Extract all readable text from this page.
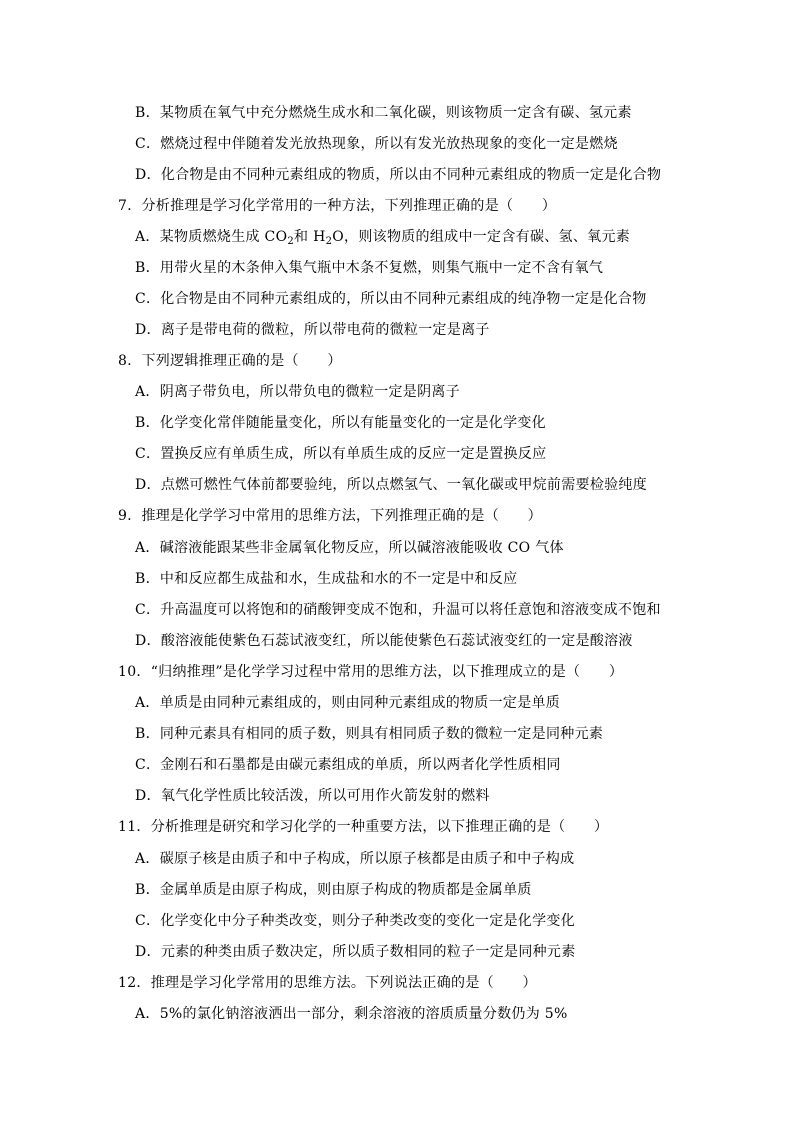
B．某物质在氧气中充分燃烧生成水和二氧化碳，则该物质一定含有碳、氢元素
C．燃烧过程中伴随着发光放热现象，所以有发光放热现象的变化一定是燃烧
D．化合物是由不同种元素组成的物质，所以由不同种元素组成的物质一定是化合物
7．分析推理是学习化学常用的一种方法，下列推理正确的是（　　）
A．某物质燃烧生成 $CO_2$和 $H_2O$，则该物质的组成中一定含有碳、氢、氧元素
B．用带火星的木条伸入集气瓶中木条不复燃，则集气瓶中一定不含有氧气
C．化合物是由不同种元素组成的，所以由不同种元素组成的纯净物一定是化合物
D．离子是带电荷的微粒，所以带电荷的微粒一定是离子
8．下列逻辑推理正确的是（　　）
A．阴离子带负电，所以带负电的微粒一定是阴离子
B．化学变化常伴随能量变化，所以有能量变化的一定是化学变化
C．置换反应有单质生成，所以有单质生成的反应一定是置换反应
D．点燃可燃性气体前都要验纯，所以点燃氢气、一氧化碳或甲烷前需要检验纯度
9．推理是化学学习中常用的思维方法，下列推理正确的是（　　）
A．碱溶液能跟某些非金属氧化物反应，所以碱溶液能吸收 CO 气体
B．中和反应都生成盐和水，生成盐和水的不一定是中和反应
C．升高温度可以将饱和的硝酸钾变成不饱和，升温可以将任意饱和溶液变成不饱和
D．酸溶液能使紫色石蕊试液变红，所以能使紫色石蕊试液变红的一定是酸溶液
10．“归纳推理”是化学学习过程中常用的思维方法，以下推理成立的是（　　）
A．单质是由同种元素组成的，则由同种元素组成的物质一定是单质
B．同种元素具有相同的质子数，则具有相同质子数的微粒一定是同种元素
C．金刚石和石墨都是由碳元素组成的单质，所以两者化学性质相同
D．氧气化学性质比较活泼，所以可用作火箭发射的燃料
11．分析推理是研究和学习化学的一种重要方法，以下推理正确的是（　　）
A．碳原子核是由质子和中子构成，所以原子核都是由质子和中子构成
B．金属单质是由原子构成，则由原子构成的物质都是金属单质
C．化学变化中分子种类改变，则分子种类改变的变化一定是化学变化
D．元素的种类由质子数决定，所以质子数相同的粒子一定是同种元素
12．推理是学习化学常用的思维方法。下列说法正确的是（　　）
A．5%的氯化钠溶液洒出一部分，剩余溶液的溶质质量分数仍为 5%
